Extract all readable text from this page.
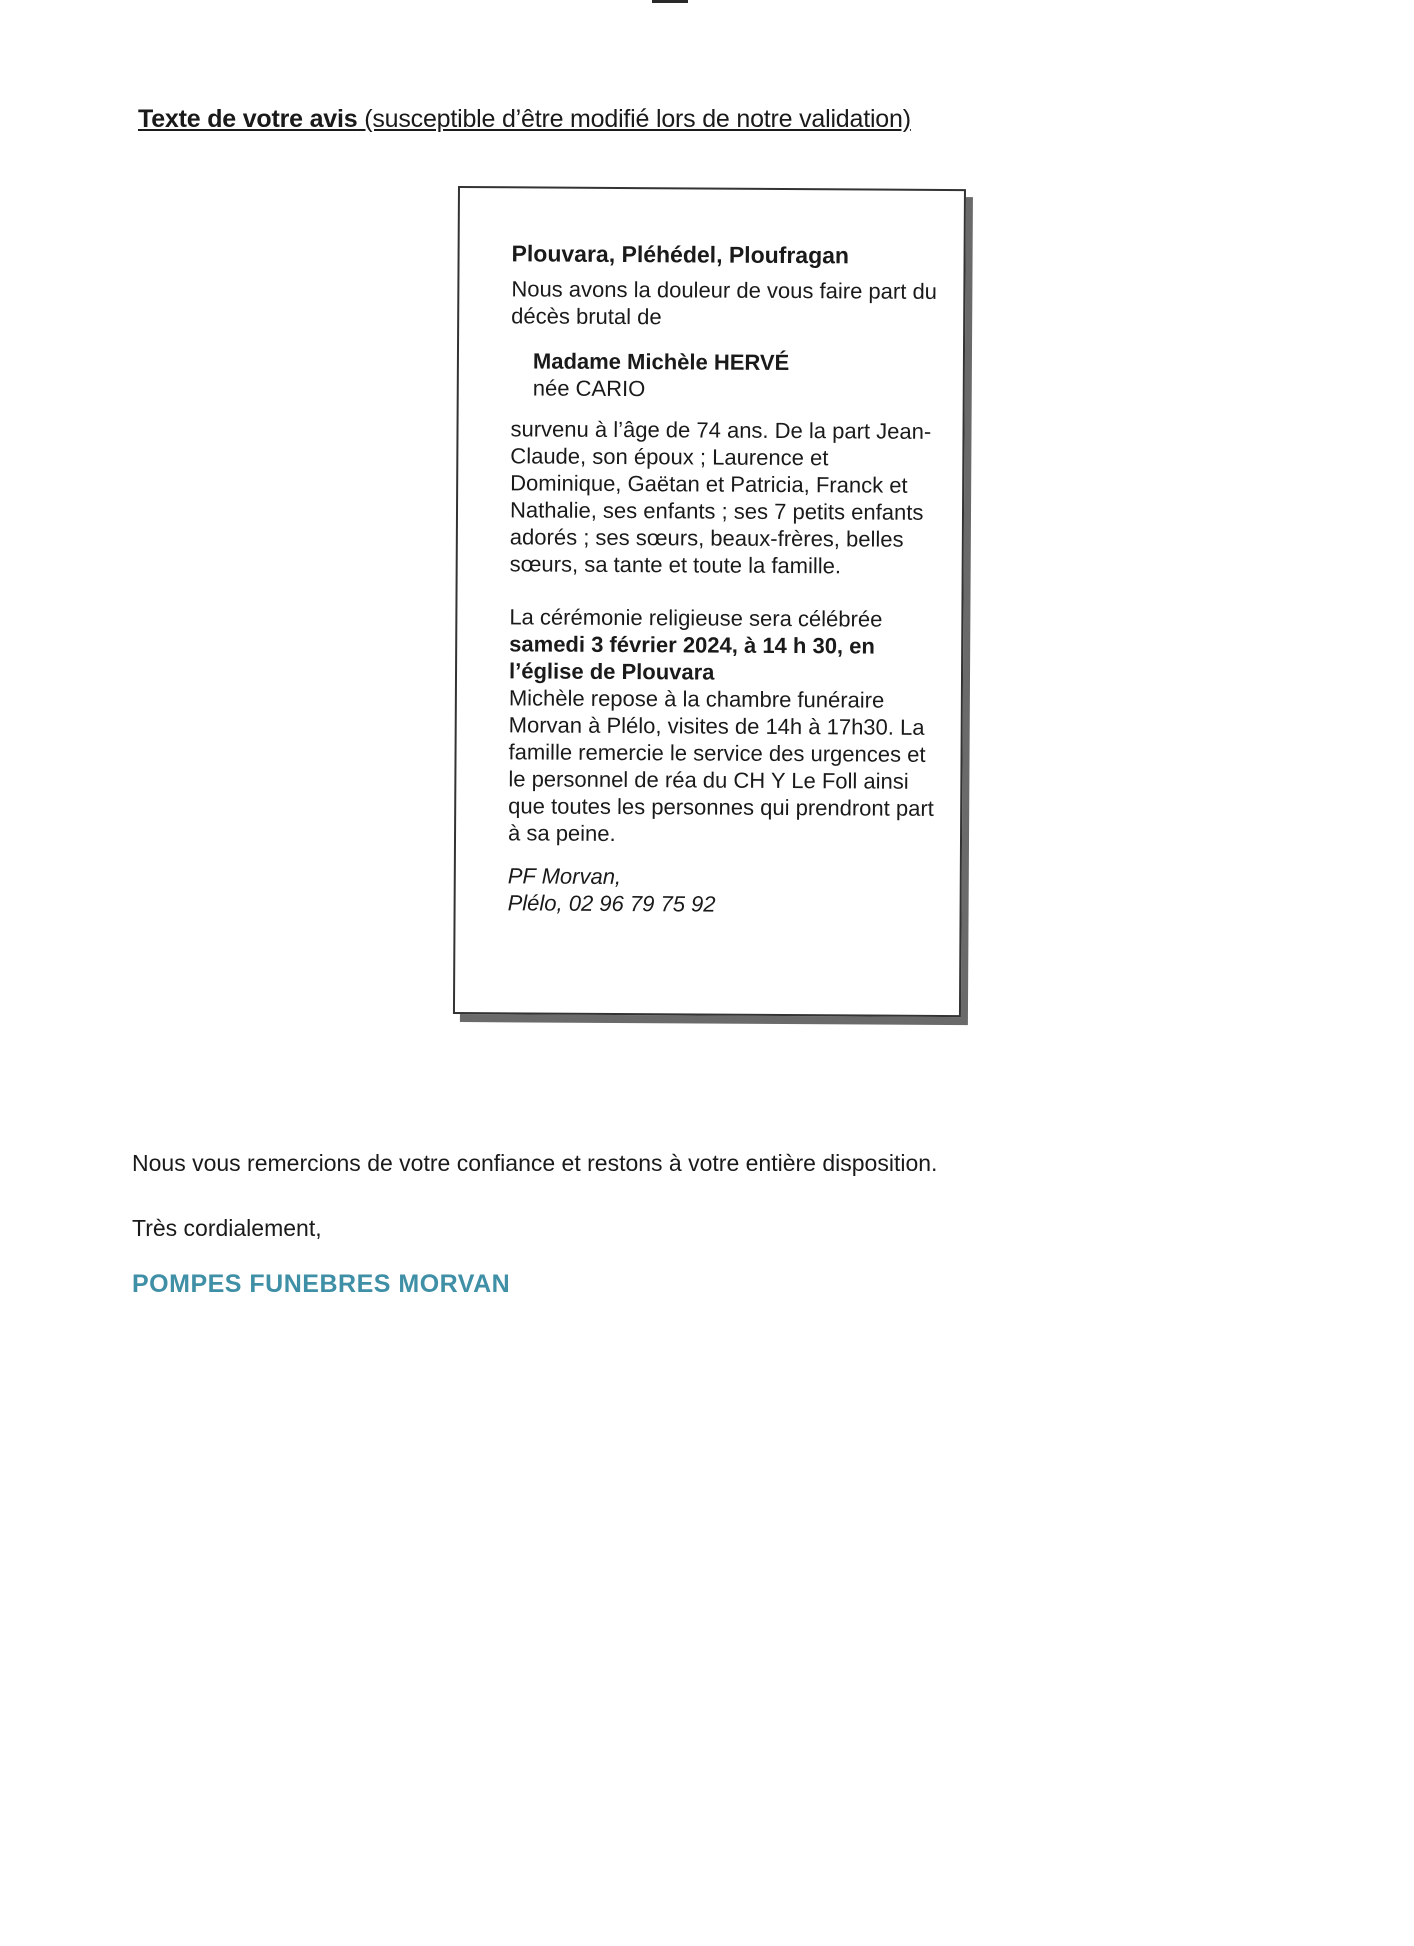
Texte de votre avis (susceptible d’être modifié lors de notre validation)

Plouvara, Pléhédel, Ploufragan

Nous avons la douleur de vous faire part du décès brutal de

Madame Michèle HERVÉ
née CARIO

survenu à l’âge de 74 ans. De la part Jean-Claude, son époux ; Laurence et Dominique, Gaëtan et Patricia, Franck et Nathalie, ses enfants ; ses 7 petits enfants adorés ; ses sœurs, beaux-frères, belles sœurs, sa tante et toute la famille.

La cérémonie religieuse sera célébrée

samedi 3 février 2024, à 14 h 30, en l’église de Plouvara

Michèle repose à la chambre funéraire Morvan à Plélo, visites de 14h à 17h30. La famille remercie le service des urgences et le personnel de réa du CH Y Le Foll ainsi que toutes les personnes qui prendront part à sa peine.

PF Morvan,
Plélo, 02 96 79 75 92

Nous vous remercions de votre confiance et restons à votre entière disposition.

Très cordialement,

POMPES FUNEBRES MORVAN
